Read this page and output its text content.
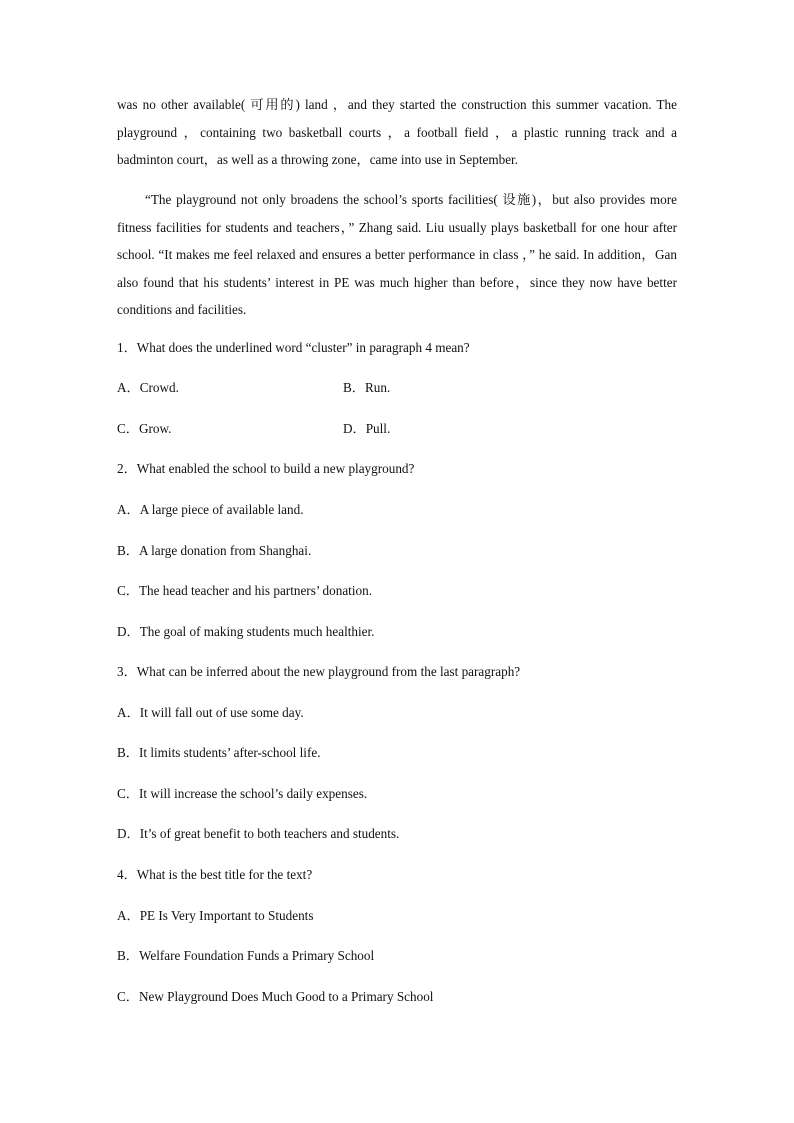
was no other available( 可用的) land ，and they started the construction this summer vacation. The playground ，containing two basketball courts ，a football field ，a plastic running track and a badminton court，as well as a throwing zone，came into use in September.

“The playground not only broadens the school’s sports facilities( 设施)，but also provides more fitness facilities for students and teachers，” Zhang said. Liu usually plays basketball for one hour after school. “It makes me feel relaxed and ensures a better performance in class ，” he said. In addition，Gan also found that his students’ interest in PE was much higher than before，since they now have better conditions and facilities.

1．What does the underlined word “cluster” in paragraph 4 mean?
A．Crowd.	B．Run.
C．Grow.	D．Pull.
2．What enabled the school to build a new playground?
A．A large piece of available land.
B．A large donation from Shanghai.
C．The head teacher and his partners’ donation.
D．The goal of making students much healthier.
3．What can be inferred about the new playground from the last paragraph?
A．It will fall out of use some day.
B．It limits students’ after-school life.
C．It will increase the school’s daily expenses.
D．It’s of great benefit to both teachers and students.
4．What is the best title for the text?
A．PE Is Very Important to Students
B．Welfare Foundation Funds a Primary School
C．New Playground Does Much Good to a Primary School
